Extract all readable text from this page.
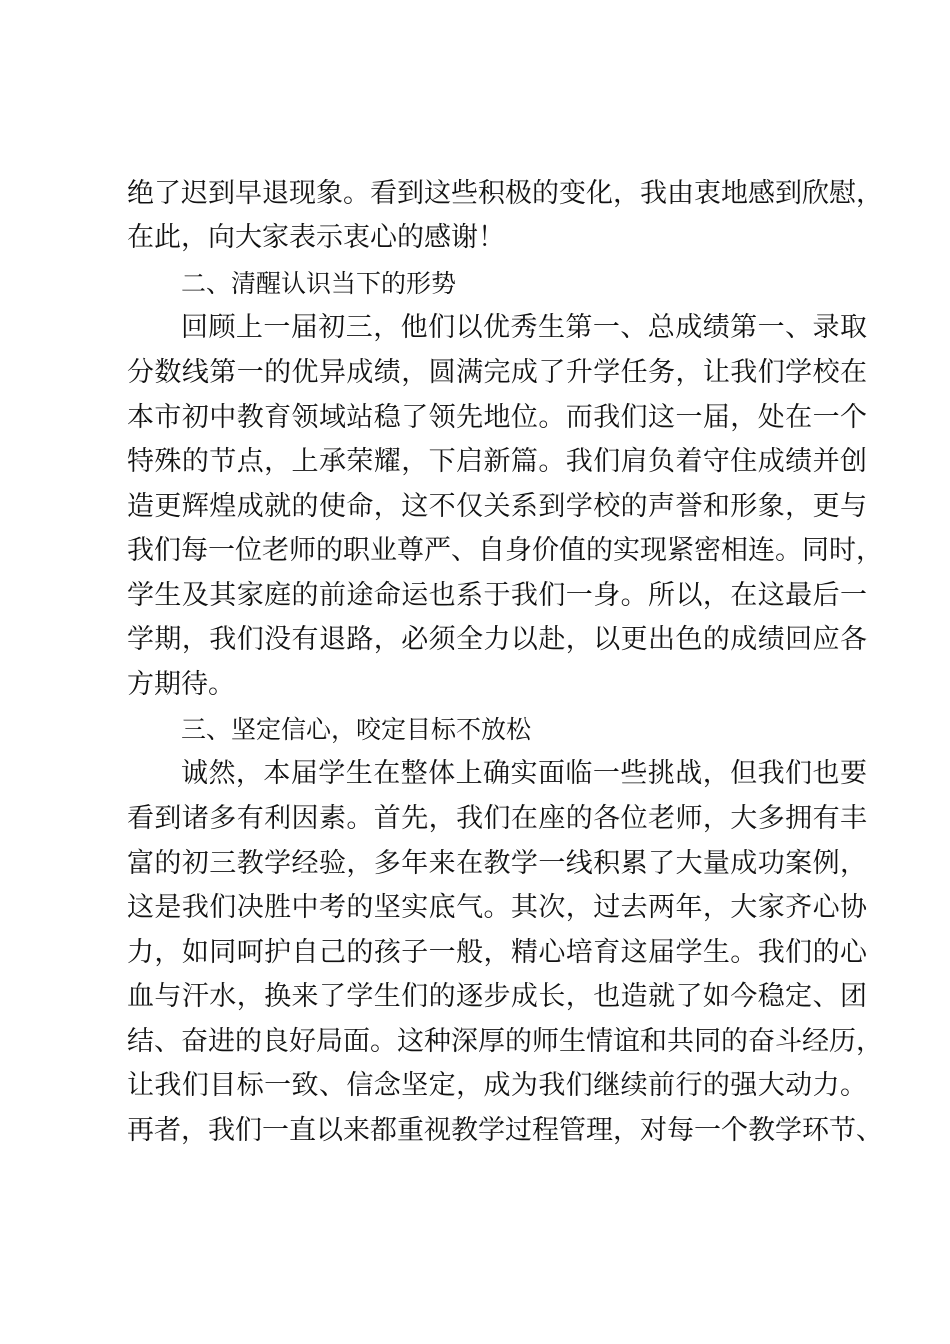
绝了迟到早退现象。看到这些积极的变化，我由衷地感到欣慰，
在此，向大家表示衷心的感谢！
二、清醒认识当下的形势
回顾上一届初三，他们以优秀生第一、总成绩第一、录取
分数线第一的优异成绩，圆满完成了升学任务，让我们学校在
本市初中教育领域站稳了领先地位。而我们这一届，处在一个
特殊的节点，上承荣耀，下启新篇。我们肩负着守住成绩并创
造更辉煌成就的使命，这不仅关系到学校的声誉和形象，更与
我们每一位老师的职业尊严、自身价值的实现紧密相连。同时，
学生及其家庭的前途命运也系于我们一身。所以，在这最后一
学期，我们没有退路，必须全力以赴，以更出色的成绩回应各
方期待。
三、坚定信心，咬定目标不放松
诚然，本届学生在整体上确实面临一些挑战，但我们也要
看到诸多有利因素。首先，我们在座的各位老师，大多拥有丰
富的初三教学经验，多年来在教学一线积累了大量成功案例，
这是我们决胜中考的坚实底气。其次，过去两年，大家齐心协
力，如同呵护自己的孩子一般，精心培育这届学生。我们的心
血与汗水，换来了学生们的逐步成长，也造就了如今稳定、团
结、奋进的良好局面。这种深厚的师生情谊和共同的奋斗经历，
让我们目标一致、信念坚定，成为我们继续前行的强大动力。
再者，我们一直以来都重视教学过程管理，对每一个教学环节、
